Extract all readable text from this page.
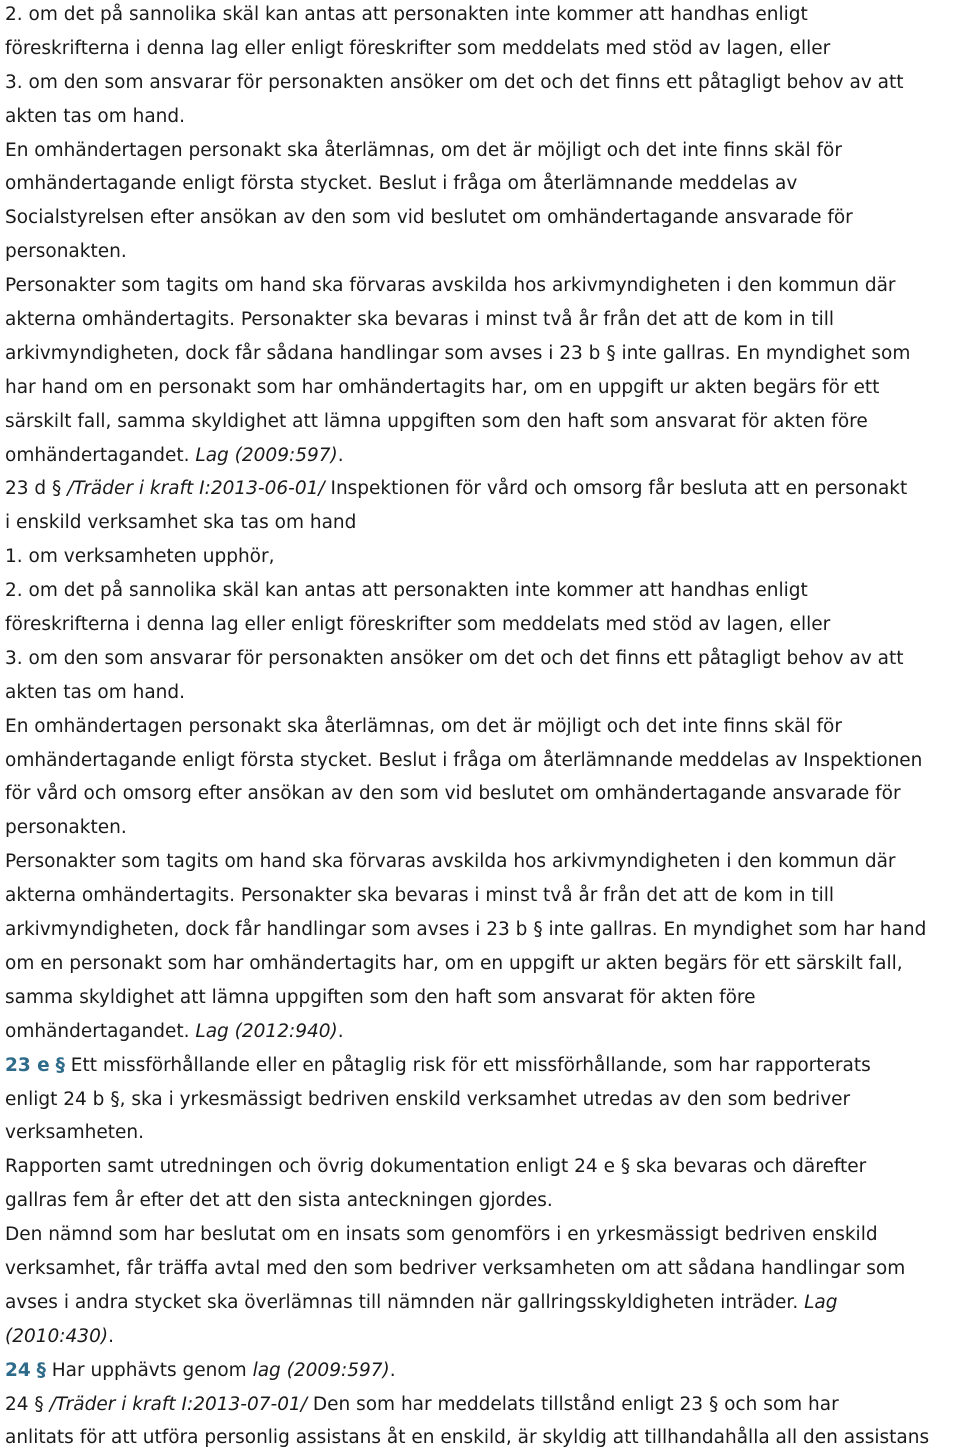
2. om det på sannolika skäl kan antas att personakten inte kommer att handhas enligt
föreskrifterna i denna lag eller enligt föreskrifter som meddelats med stöd av lagen, eller
3. om den som ansvarar för personakten ansöker om det och det finns ett påtagligt behov av att
akten tas om hand.
En omhändertagen personakt ska återlämnas, om det är möjligt och det inte finns skäl för
omhändertagande enligt första stycket. Beslut i fråga om återlämnande meddelas av
Socialstyrelsen efter ansökan av den som vid beslutet om omhändertagande ansvarade för
personakten.
Personakter som tagits om hand ska förvaras avskilda hos arkivmyndigheten i den kommun där
akterna omhändertagits. Personakter ska bevaras i minst två år från det att de kom in till
arkivmyndigheten, dock får sådana handlingar som avses i 23 b § inte gallras. En myndighet som
har hand om en personakt som har omhändertagits har, om en uppgift ur akten begärs för ett
särskilt fall, samma skyldighet att lämna uppgiften som den haft som ansvarat för akten före
omhändertagandet. Lag (2009:597).
23 d § /Träder i kraft I:2013-06-01/ Inspektionen för vård och omsorg får besluta att en personakt
i enskild verksamhet ska tas om hand
1. om verksamheten upphör,
2. om det på sannolika skäl kan antas att personakten inte kommer att handhas enligt
föreskrifterna i denna lag eller enligt föreskrifter som meddelats med stöd av lagen, eller
3. om den som ansvarar för personakten ansöker om det och det finns ett påtagligt behov av att
akten tas om hand.
En omhändertagen personakt ska återlämnas, om det är möjligt och det inte finns skäl för
omhändertagande enligt första stycket. Beslut i fråga om återlämnande meddelas av Inspektionen
för vård och omsorg efter ansökan av den som vid beslutet om omhändertagande ansvarade för
personakten.
Personakter som tagits om hand ska förvaras avskilda hos arkivmyndigheten i den kommun där
akterna omhändertagits. Personakter ska bevaras i minst två år från det att de kom in till
arkivmyndigheten, dock får handlingar som avses i 23 b § inte gallras. En myndighet som har hand
om en personakt som har omhändertagits har, om en uppgift ur akten begärs för ett särskilt fall,
samma skyldighet att lämna uppgiften som den haft som ansvarat för akten före
omhändertagandet. Lag (2012:940).
23 e § Ett missförhållande eller en påtaglig risk för ett missförhållande, som har rapporterats
enligt 24 b §, ska i yrkesmässigt bedriven enskild verksamhet utredas av den som bedriver
verksamheten.
Rapporten samt utredningen och övrig dokumentation enligt 24 e § ska bevaras och därefter
gallras fem år efter det att den sista anteckningen gjordes.
Den nämnd som har beslutat om en insats som genomförs i en yrkesmässigt bedriven enskild
verksamhet, får träffa avtal med den som bedriver verksamheten om att sådana handlingar som
avses i andra stycket ska överlämnas till nämnden när gallringsskyldigheten inträder. Lag
(2010:430).
24 § Har upphävts genom lag (2009:597).
24 § /Träder i kraft I:2013-07-01/ Den som har meddelats tillstånd enligt 23 § och som har
anlitats för att utföra personlig assistans åt en enskild, är skyldig att tillhandahålla all den assistans
